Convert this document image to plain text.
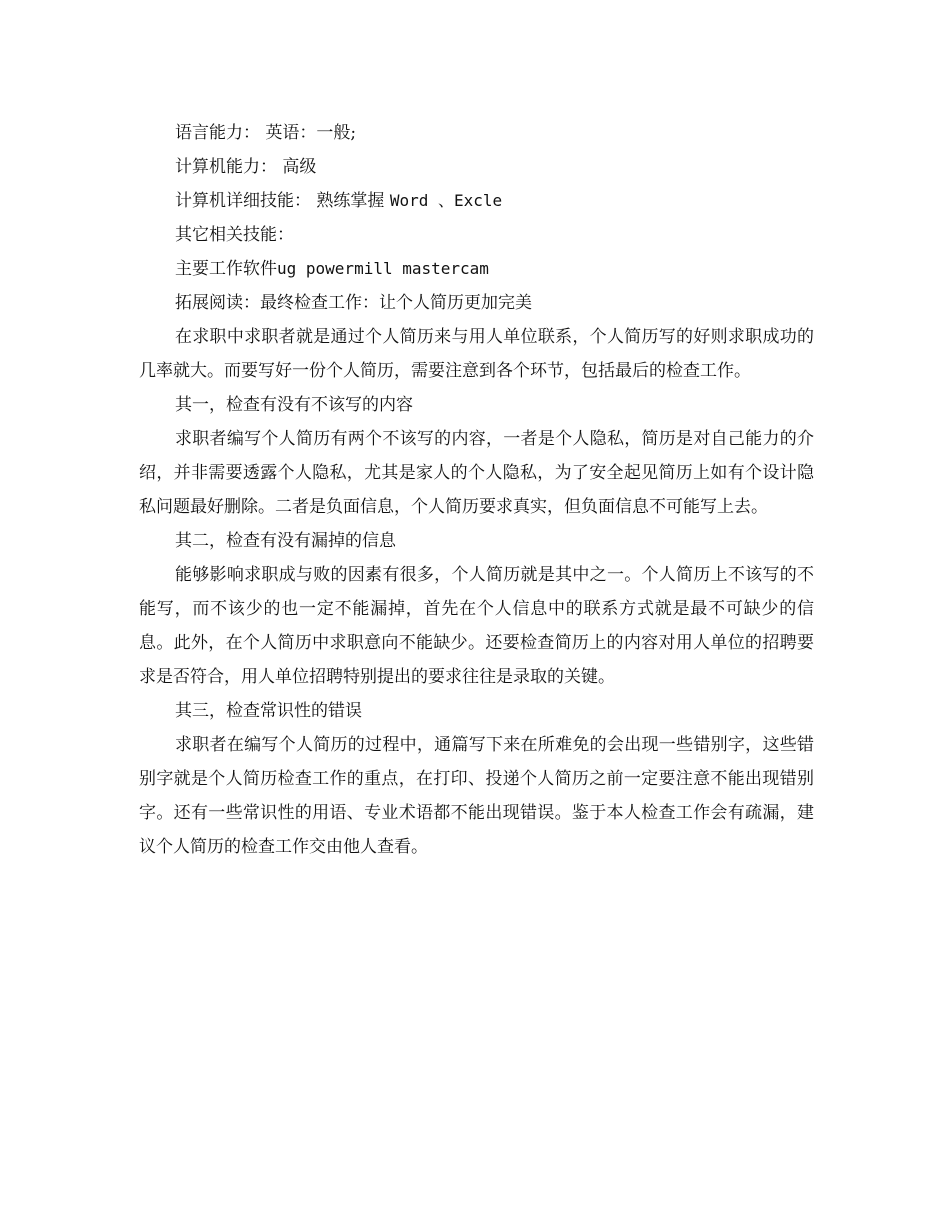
语言能力： 英语：一般;

计算机能力： 高级

计算机详细技能： 熟练掌握 Word 、Excle

其它相关技能：

主要工作软件ug powermill mastercam

拓展阅读：最终检查工作：让个人简历更加完美

在求职中求职者就是通过个人简历来与用人单位联系，个人简历写的好则求职成功的几率就大。而要写好一份个人简历，需要注意到各个环节，包括最后的检查工作。

其一，检查有没有不该写的内容

求职者编写个人简历有两个不该写的内容，一者是个人隐私，简历是对自己能力的介绍，并非需要透露个人隐私，尤其是家人的个人隐私，为了安全起见简历上如有个设计隐私问题最好删除。二者是负面信息，个人简历要求真实，但负面信息不可能写上去。

其二，检查有没有漏掉的信息

能够影响求职成与败的因素有很多，个人简历就是其中之一。个人简历上不该写的不能写，而不该少的也一定不能漏掉，首先在个人信息中的联系方式就是最不可缺少的信息。此外，在个人简历中求职意向不能缺少。还要检查简历上的内容对用人单位的招聘要求是否符合，用人单位招聘特别提出的要求往往是录取的关键。

其三，检查常识性的错误

求职者在编写个人简历的过程中，通篇写下来在所难免的会出现一些错别字，这些错别字就是个人简历检查工作的重点，在打印、投递个人简历之前一定要注意不能出现错别字。还有一些常识性的用语、专业术语都不能出现错误。鉴于本人检查工作会有疏漏，建议个人简历的检查工作交由他人查看。
